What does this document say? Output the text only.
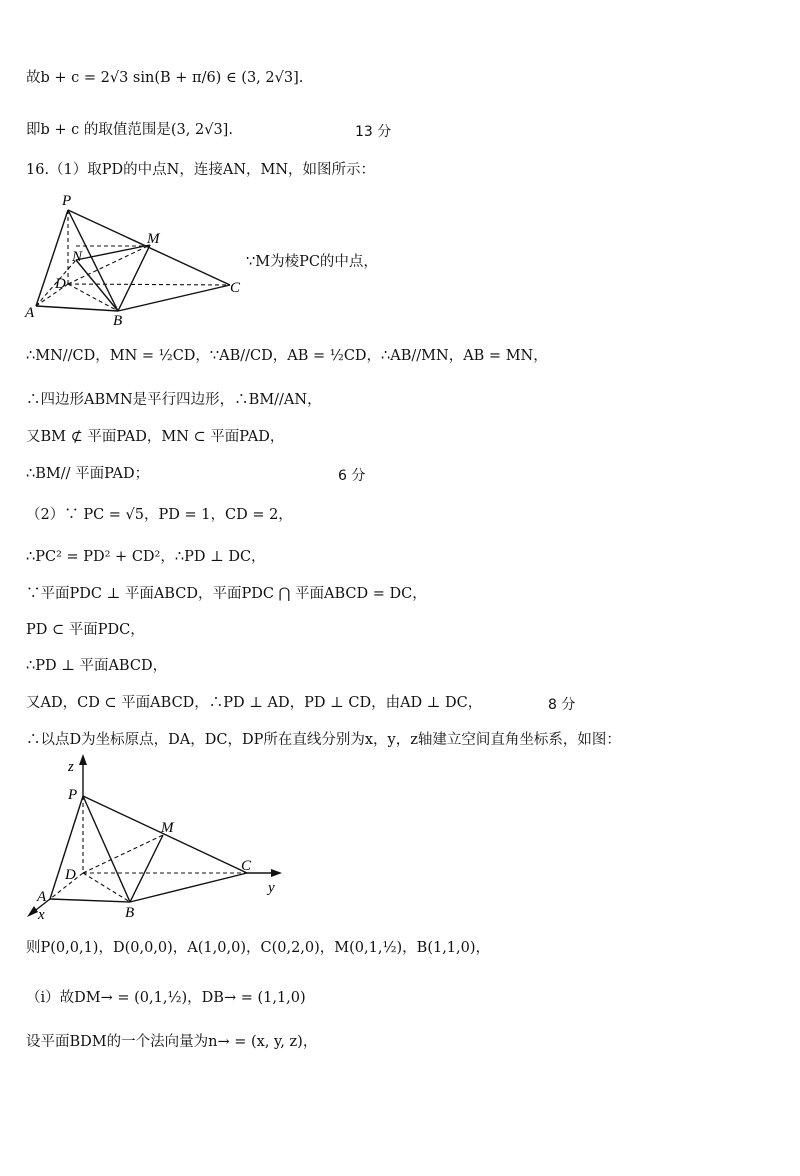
故b + c = 2√3 sin(B + π/6) ∈ (3, 2√3].
即b + c 的取值范围是(3, 2√3].	13 分
16.（1）取PD的中点N，连接AN，MN，如图所示：
P
M
N
D	C
A	B
∵M为棱PC的中点，
∴MN//CD，MN = ½CD，∵AB//CD，AB = ½CD，∴AB//MN，AB = MN，
∴四边形ABMN是平行四边形，∴BM//AN，
又BM ⊄ 平面PAD，MN ⊂ 平面PAD，
∴BM// 平面PAD；	6 分
（2）∵ PC = √5，PD = 1，CD = 2，
∴PC² = PD² + CD²，∴PD ⊥ DC，
∵平面PDC ⊥ 平面ABCD，平面PDC ⋂ 平面ABCD = DC，
PD ⊂ 平面PDC，
∴PD ⊥ 平面ABCD，
又AD，CD ⊂ 平面ABCD，∴PD ⊥ AD，PD ⊥ CD，由AD ⊥ DC，	8 分
∴以点D为坐标原点，DA，DC，DP所在直线分别为x，y，z轴建立空间直角坐标系，如图：
z
P
M
D
C
y
A
B
x
则P(0,0,1)，D(0,0,0)，A(1,0,0)，C(0,2,0)，M(0,1,½)，B(1,1,0)，
（i）故DM→ = (0,1,½)，DB→ = (1,1,0)
设平面BDM的一个法向量为n→ = (x, y, z)，
